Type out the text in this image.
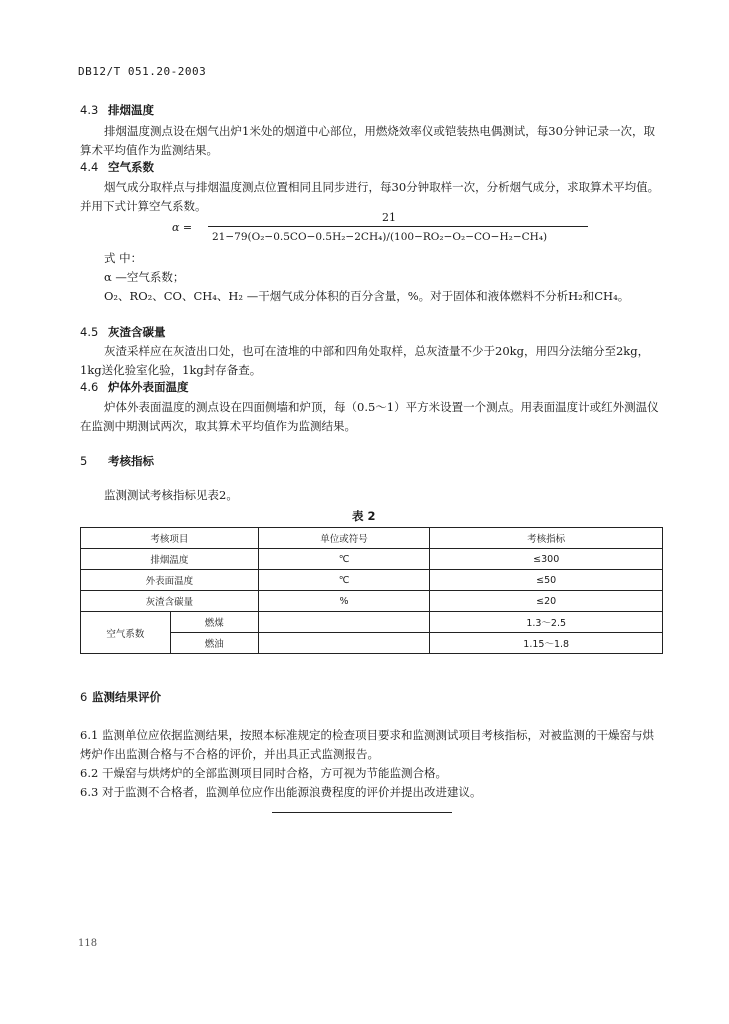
DB12/T 051.20-2003
4.3 排烟温度
排烟温度测点设在烟气出炉1米处的烟道中心部位，用燃烧效率仪或铠装热电偶测试，每30分钟记录一次，取算术平均值作为监测结果。
4.4 空气系数
烟气成分取样点与排烟温度测点位置相同且同步进行，每30分钟取样一次，分析烟气成分，求取算术平均值。并用下式计算空气系数。
α =
21
21−79(O₂−0.5CO−0.5H₂−2CH₄)/(100−RO₂−O₂−CO−H₂−CH₄)
式 中：
α —空气系数；
O₂、RO₂、CO、CH₄、H₂ —干烟气成分体积的百分含量，%。对于固体和液体燃料不分析H₂和CH₄。
4.5 灰渣含碳量
灰渣采样应在灰渣出口处，也可在渣堆的中部和四角处取样，总灰渣量不少于20kg，用四分法缩分至2kg，1kg送化验室化验，1kg封存备查。
4.6 炉体外表面温度
炉体外表面温度的测点设在四面侧墙和炉顶，每（0.5～1）平方米设置一个测点。用表面温度计或红外测温仪在监测中期测试两次，取其算术平均值作为监测结果。
5 考核指标
监测测试考核指标见表2。
表 2
考核项目		单位或符号	考核指标
排烟温度		℃	≤300
外表面温度		℃	≤50
灰渣含碳量		%	≤20
空气系数	燃煤		1.3～2.5
	燃油		1.15～1.8
6 监测结果评价
6.1 监测单位应依据监测结果，按照本标准规定的检查项目要求和监测测试项目考核指标，对被监测的干燥窑与烘烤炉作出监测合格与不合格的评价，并出具正式监测报告。
6.2 干燥窑与烘烤炉的全部监测项目同时合格，方可视为节能监测合格。
6.3 对于监测不合格者，监测单位应作出能源浪费程度的评价并提出改进建议。
118
